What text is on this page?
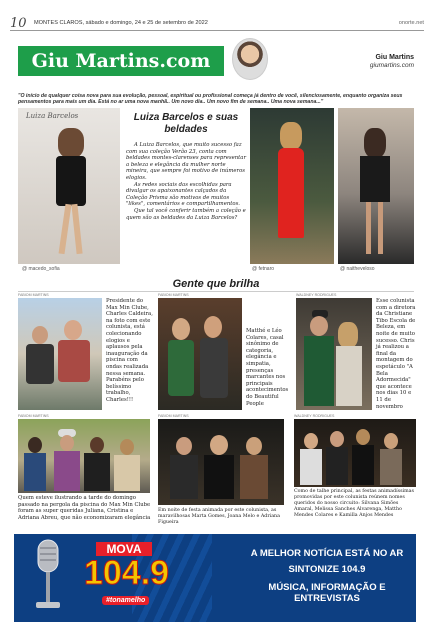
10 MONTES CLAROS, sábado e domingo, 24 e 25 de setembro de 2022	onorte.net
Giu Martins.com	Giu Martins
giumartins.com
"O início de qualquer coisa nova para sua evolução, pessoal, espiritual ou profissional começa já dentro de você, silenciosamente, enquanto organiza seus pensamentos para mais um dia. Está no ar uma nova manhã.. Um novo dia.. Um novo fim de semana.. Uma nova semana..."
Luiza Barcelos
@ macedo_sofia
Luiza Barcelos e suas beldades

A Luiza Barcelos, que muito sucesso faz com sua coleção Verão 23, conta com beldades montes-clarenses para representar a beleza e elegância da mulher norte mineira, que sempre foi motivo de inúmeros elogios.

As redes sociais das escolhidas para divulgar os apaixonantes calçados da Coleção Prisma são motivos de muitos "likes", comentários e compartilhamentos.

Que tal você conferir também a coleção e quem são as beldades da Luiza Barcelos?

@ fetnaro	@ naitheveloso
Gente que brilha
FABIOM MARTINS
Presidente do Max Min Clube, Charles Caldeira, na foto com este colunista, está colecionando elogios e aplausos pela inauguração da piscina com ondas realizada nessa semana. Parabéns pelo belíssimo trabalho, Charles!!!
FABIOM MARTINS
Matthé e Léo Colares, casal sinônimo de categoria, elegância e simpatia, presenças marcantes nos principais acontecimentos do Beautiful People
WALDNEY RODRIGUES
Esse colunista com a diretora da Christiane Tibo Escola de Beleza, em noite de muito sucesso. Chris já realizou a final da montagem do espetáculo "A Bela Adormecida" que acontece nos dias 10 e 11 de novembro
FABIOM MARTINS
Quem esteve ilustrando a tarde do domingo passado na pergola da piscina do Max Min Clube foram as super queridas Juliana, Cristina e Adriana Abreu, que não economizaram elegância
FABIOM MARTINS
Em noite de festa animada por este colunista, as maravilhosas Marta Gomes, Joana Melo e Adriana Figueira
WALDNEY RODRIGUES
Como de talhe principal, as festas animadíssimas promovidas por este colunista reúnem nomes queridos do nosso circuito: Silvana Simões Amaral, Melissa Sanches Alvarenga, Mattho Mendes Colares e Kamilla Anjos Mendes
MOVA
104.9
#tonamelho
A MELHOR NOTÍCIA ESTÁ NO AR
SINTONIZE 104.9
MÚSICA, INFORMAÇÃO E ENTREVISTAS
